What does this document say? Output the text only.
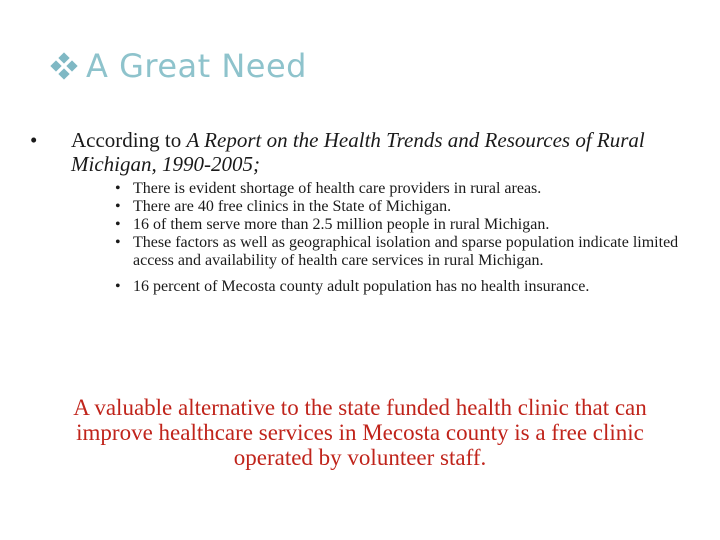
A Great Need
•	According to A Report on the Health Trends and Resources of Rural Michigan, 1990-2005;
• There is evident shortage of health care providers in rural areas.
• There are 40 free clinics in the State of Michigan.
• 16 of them serve more than 2.5 million people in rural Michigan.
• These factors as well as geographical isolation and sparse population indicate limited access and availability of health care services in rural Michigan.
• 16 percent of Mecosta county adult population has no health insurance.
A valuable alternative to the state funded health clinic that can improve healthcare services in Mecosta county is a free clinic operated by volunteer staff.
